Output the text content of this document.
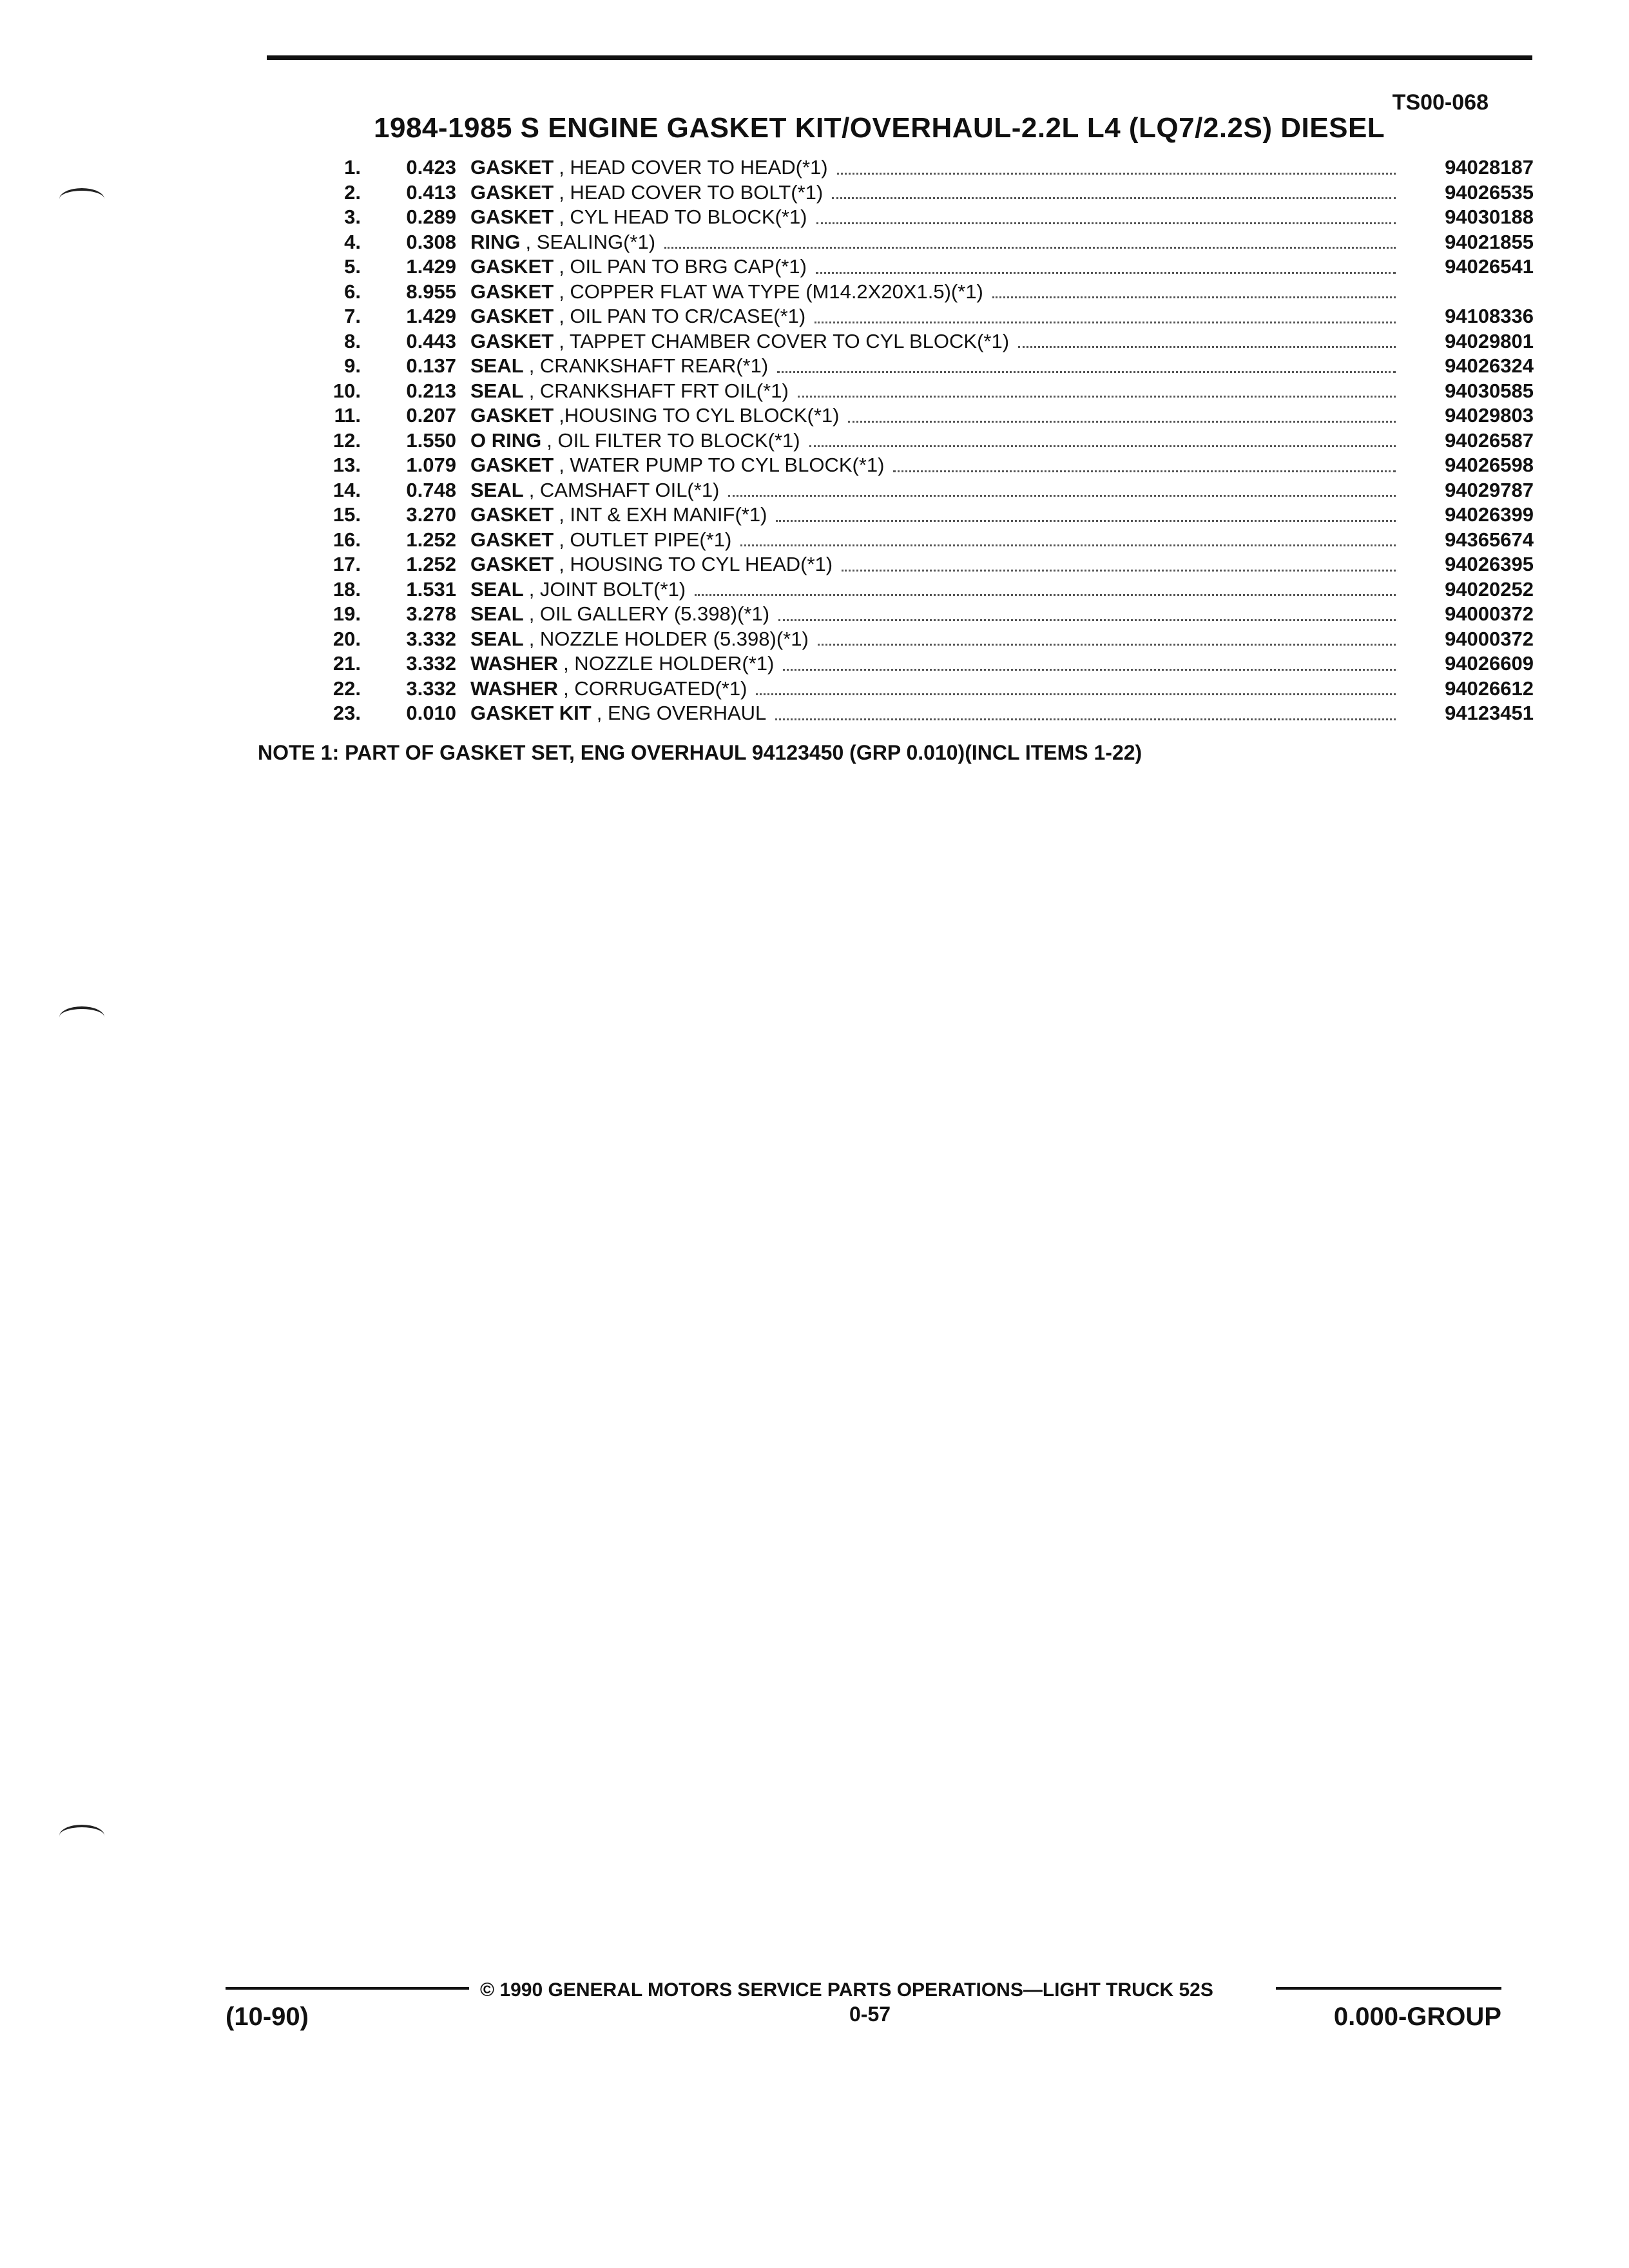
TS00-068
1984-1985 S ENGINE GASKET KIT/OVERHAUL-2.2L L4 (LQ7/2.2S) DIESEL
1.	0.423 GASKET , HEAD COVER TO HEAD(*1)	94028187
2.	0.413 GASKET , HEAD COVER TO BOLT(*1)	94026535
3.	0.289 GASKET , CYL HEAD TO BLOCK(*1)	94030188
4.	0.308 RING , SEALING(*1)	94021855
5.	1.429 GASKET , OIL PAN TO BRG CAP(*1)	94026541
6.	8.955 GASKET , COPPER FLAT WA TYPE (M14.2X20X1.5)(*1)
7.	1.429 GASKET , OIL PAN TO CR/CASE(*1)	94108336
8.	0.443 GASKET , TAPPET CHAMBER COVER TO CYL BLOCK(*1)	94029801
9.	0.137 SEAL , CRANKSHAFT REAR(*1)	94026324
10.	0.213 SEAL , CRANKSHAFT FRT OIL(*1)	94030585
11.	0.207 GASKET ,HOUSING TO CYL BLOCK(*1)	94029803
12.	1.550 O RING , OIL FILTER TO BLOCK(*1)	94026587
13.	1.079 GASKET , WATER PUMP TO CYL BLOCK(*1)	94026598
14.	0.748 SEAL , CAMSHAFT OIL(*1)	94029787
15.	3.270 GASKET , INT & EXH MANIF(*1)	94026399
16.	1.252 GASKET , OUTLET PIPE(*1)	94365674
17.	1.252 GASKET , HOUSING TO CYL HEAD(*1)	94026395
18.	1.531 SEAL , JOINT BOLT(*1)	94020252
19.	3.278 SEAL , OIL GALLERY (5.398)(*1)	94000372
20.	3.332 SEAL , NOZZLE HOLDER (5.398)(*1)	94000372
21.	3.332 WASHER , NOZZLE HOLDER(*1)	94026609
22.	3.332 WASHER , CORRUGATED(*1)	94026612
23.	0.010 GASKET KIT , ENG OVERHAUL	94123451
NOTE 1: PART OF GASKET SET, ENG OVERHAUL 94123450 (GRP 0.010)(INCL ITEMS 1-22)
(10-90)
© 1990 GENERAL MOTORS SERVICE PARTS OPERATIONS—LIGHT TRUCK 52S
0-57	0.000-GROUP
